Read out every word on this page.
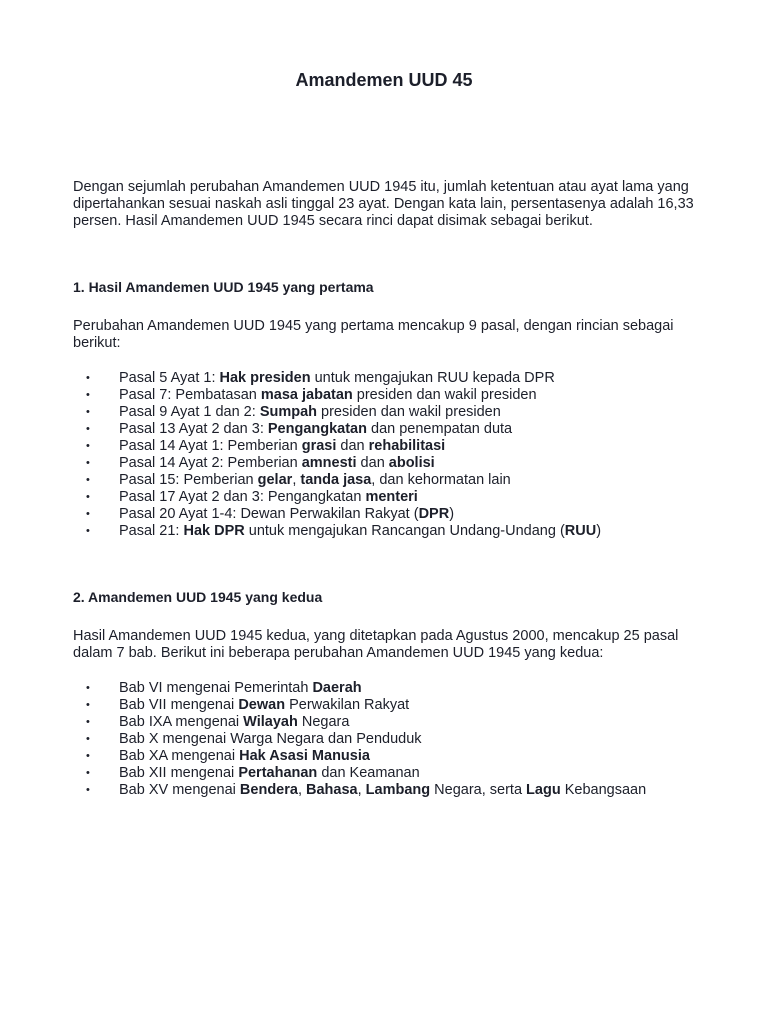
Amandemen UUD 45

Dengan sejumlah perubahan Amandemen UUD 1945 itu, jumlah ketentuan atau ayat lama yang dipertahankan sesuai naskah asli tinggal 23 ayat. Dengan kata lain, persentasenya adalah 16,33 persen. Hasil Amandemen UUD 1945 secara rinci dapat disimak sebagai berikut.

1. Hasil Amandemen UUD 1945 yang pertama

Perubahan Amandemen UUD 1945 yang pertama mencakup 9 pasal, dengan rincian sebagai berikut:

• Pasal 5 Ayat 1: Hak presiden untuk mengajukan RUU kepada DPR
• Pasal 7: Pembatasan masa jabatan presiden dan wakil presiden
• Pasal 9 Ayat 1 dan 2: Sumpah presiden dan wakil presiden
• Pasal 13 Ayat 2 dan 3: Pengangkatan dan penempatan duta
• Pasal 14 Ayat 1: Pemberian grasi dan rehabilitasi
• Pasal 14 Ayat 2: Pemberian amnesti dan abolisi
• Pasal 15: Pemberian gelar, tanda jasa, dan kehormatan lain
• Pasal 17 Ayat 2 dan 3: Pengangkatan menteri
• Pasal 20 Ayat 1-4: Dewan Perwakilan Rakyat (DPR)
• Pasal 21: Hak DPR untuk mengajukan Rancangan Undang-Undang (RUU)
2. Amandemen UUD 1945 yang kedua

Hasil Amandemen UUD 1945 kedua, yang ditetapkan pada Agustus 2000, mencakup 25 pasal dalam 7 bab. Berikut ini beberapa perubahan Amandemen UUD 1945 yang kedua:

• Bab VI mengenai Pemerintah Daerah
• Bab VII mengenai Dewan Perwakilan Rakyat
• Bab IXA mengenai Wilayah Negara
• Bab X mengenai Warga Negara dan Penduduk
• Bab XA mengenai Hak Asasi Manusia
• Bab XII mengenai Pertahanan dan Keamanan
• Bab XV mengenai Bendera, Bahasa, Lambang Negara, serta Lagu Kebangsaan
